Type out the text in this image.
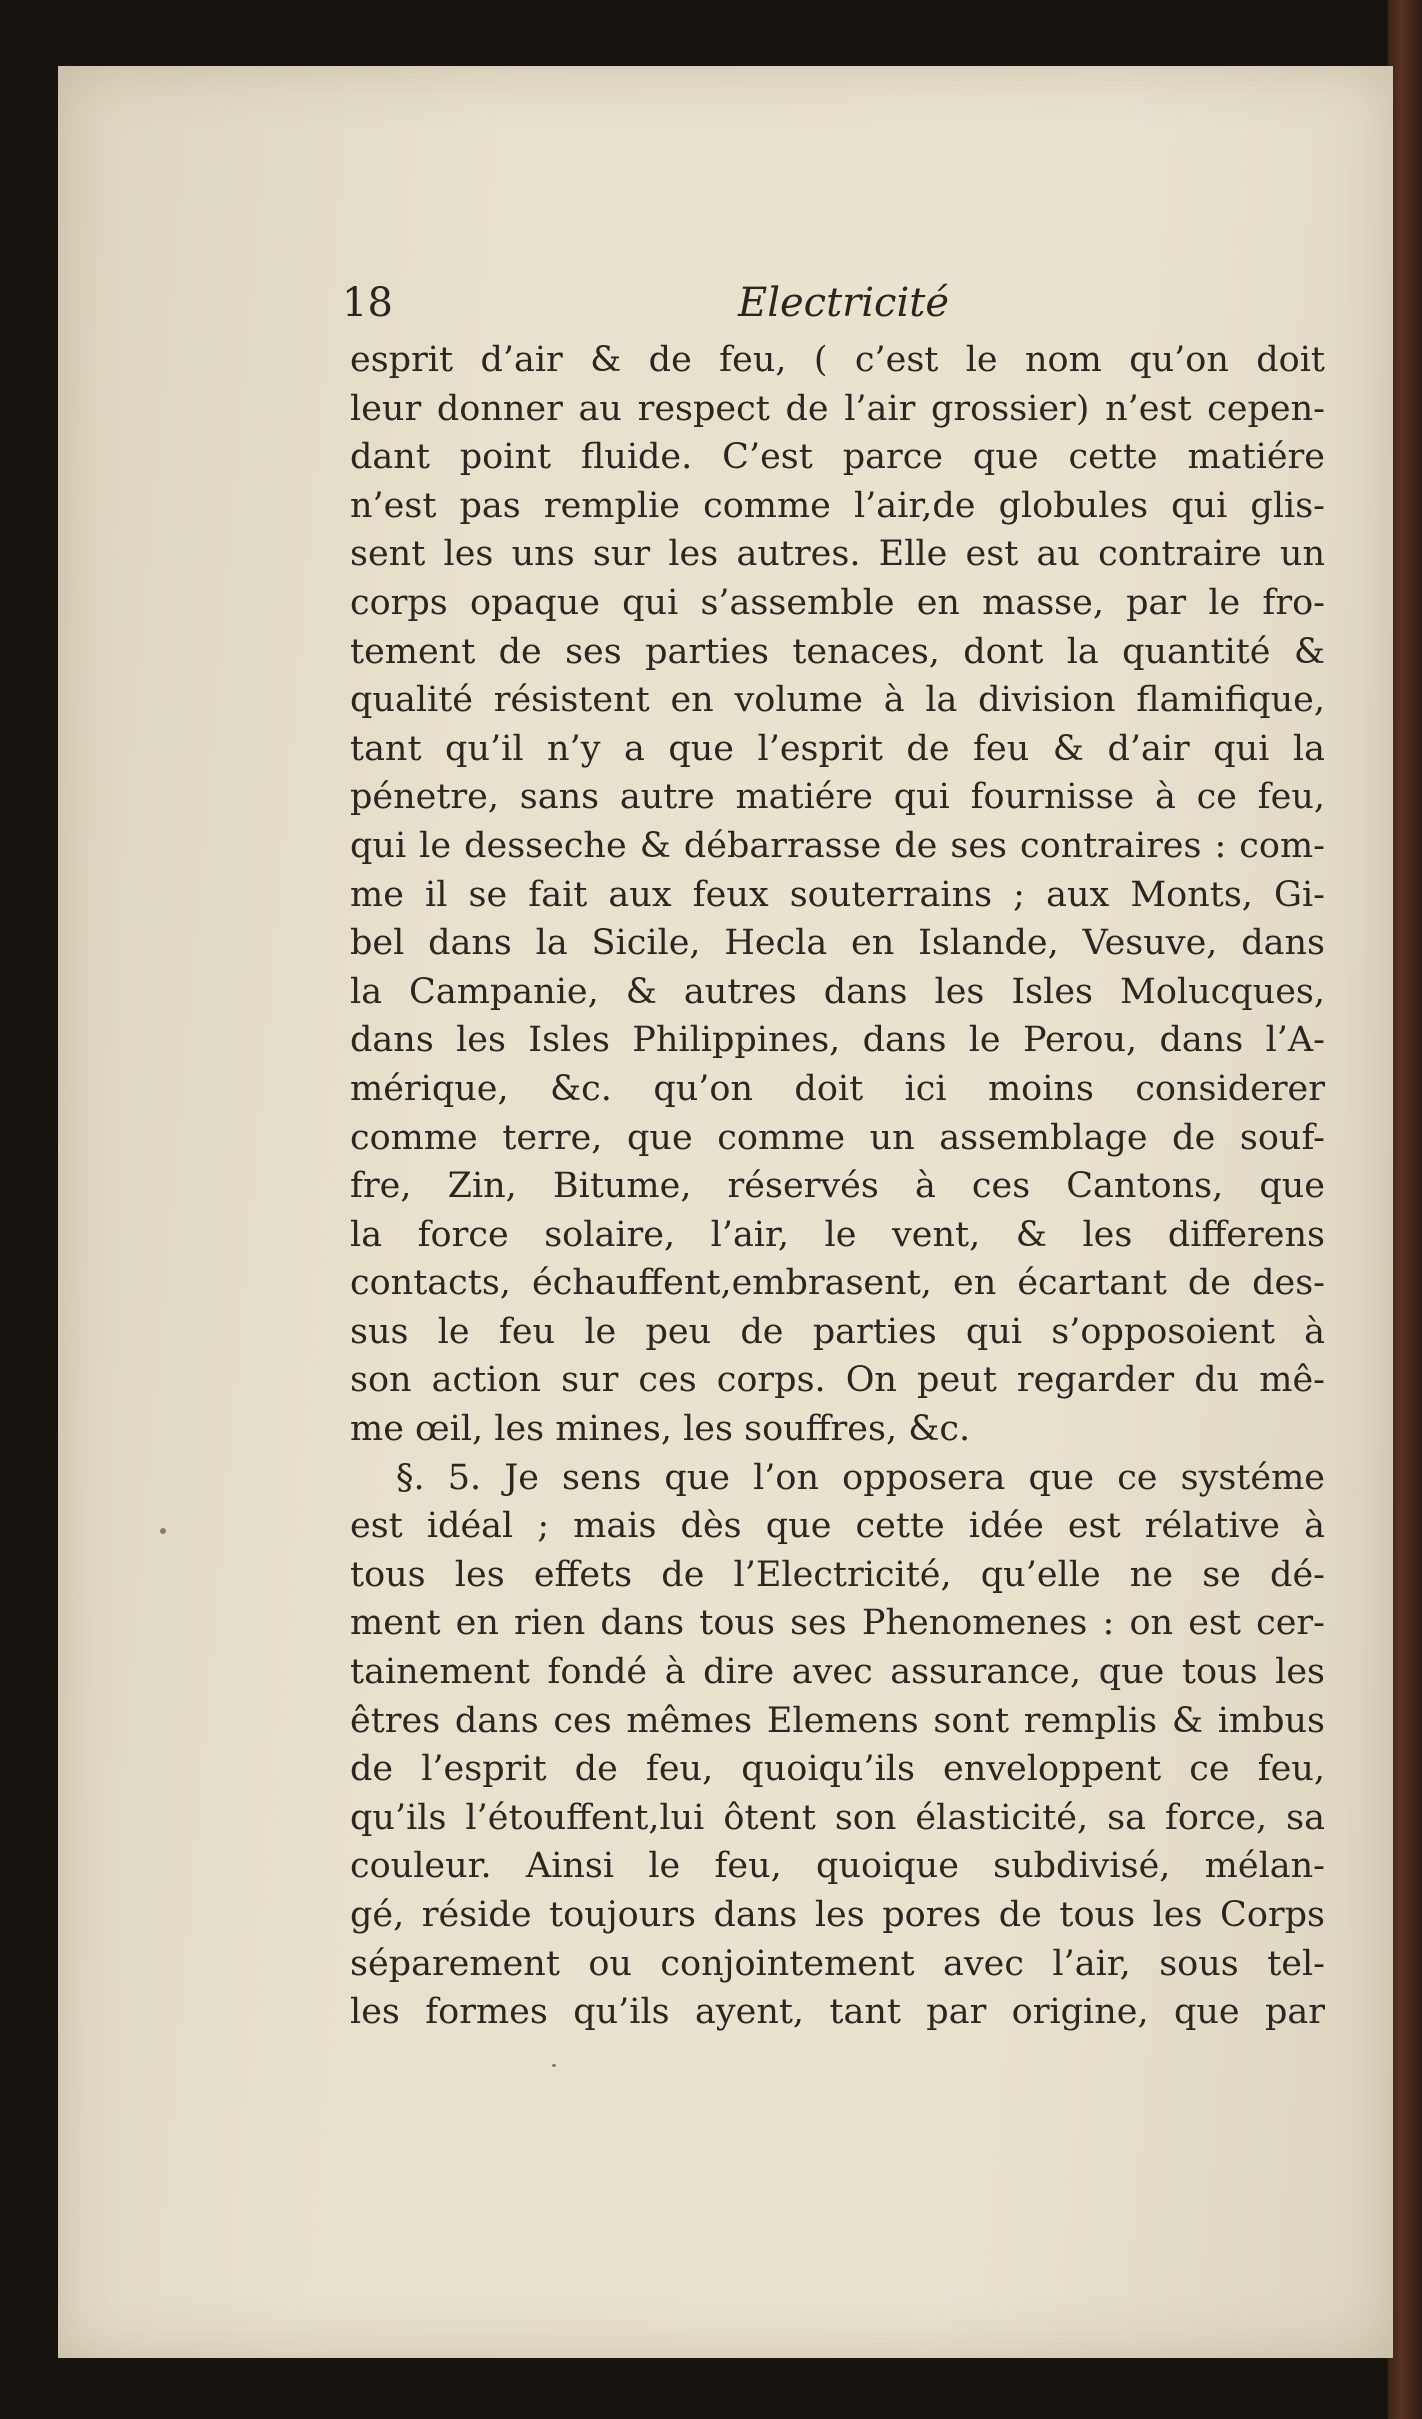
18	Electricité
esprit d’air & de feu, ( c’est le nom qu’on doit
leur donner au respect de l’air grossier) n’est cepen-
dant point fluide. C’est parce que cette matiére
n’est pas remplie comme l’air,de globules qui glis-
sent les uns sur les autres. Elle est au contraire un
corps opaque qui s’assemble en masse, par le fro-
tement de ses parties tenaces, dont la quantité &
qualité résistent en volume à la division flamifique,
tant qu’il n’y a que l’esprit de feu & d’air qui la
pénetre, sans autre matiére qui fournisse à ce feu,
qui le desseche & débarrasse de ses contraires : com-
me il se fait aux feux souterrains ; aux Monts, Gi-
bel dans la Sicile, Hecla en Islande, Vesuve, dans
la Campanie, & autres dans les Isles Molucques,
dans les Isles Philippines, dans le Perou, dans l’A-
mérique, &c. qu’on doit ici moins considerer
comme terre, que comme un assemblage de souf-
fre, Zin, Bitume, réservés à ces Cantons, que
la force solaire, l’air, le vent, & les differens
contacts, échauffent,embrasent, en écartant de des-
sus le feu le peu de parties qui s’opposoient à
son action sur ces corps. On peut regarder du mê-
me œil, les mines, les souffres, &c.
§. 5. Je sens que l’on opposera que ce systéme
est idéal ; mais dès que cette idée est rélative à
tous les effets de l’Electricité, qu’elle ne se dé-
ment en rien dans tous ses Phenomenes : on est cer-
tainement fondé à dire avec assurance, que tous les
êtres dans ces mêmes Elemens sont remplis & imbus
de l’esprit de feu, quoiqu’ils enveloppent ce feu,
qu’ils l’étouffent,lui ôtent son élasticité, sa force, sa
couleur. Ainsi le feu, quoique subdivisé, mélan-
gé, réside toujours dans les pores de tous les Corps
séparement ou conjointement avec l’air, sous tel-
les formes qu’ils ayent, tant par origine, que par
